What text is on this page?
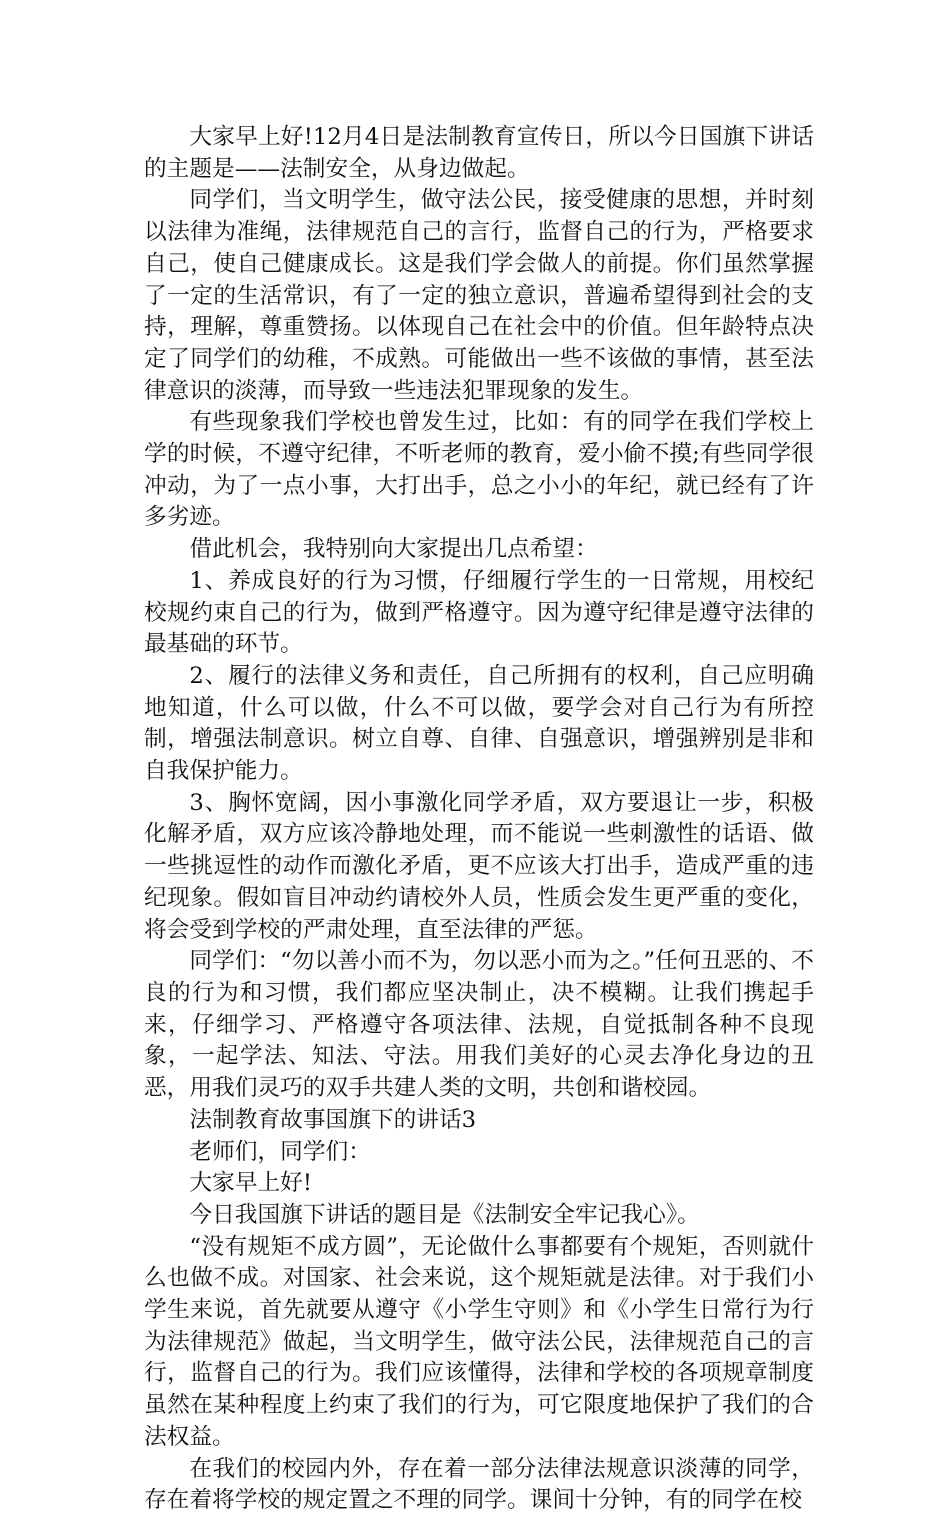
大家早上好!12月4日是法制教育宣传日，所以今日国旗下讲话的主题是——法制安全，从身边做起。

同学们，当文明学生，做守法公民，接受健康的思想，并时刻以法律为准绳，法律规范自己的言行，监督自己的行为，严格要求自己，使自己健康成长。这是我们学会做人的前提。你们虽然掌握了一定的生活常识，有了一定的独立意识，普遍希望得到社会的支持，理解，尊重赞扬。以体现自己在社会中的价值。但年龄特点决定了同学们的幼稚，不成熟。可能做出一些不该做的事情，甚至法律意识的淡薄，而导致一些违法犯罪现象的发生。

有些现象我们学校也曾发生过，比如：有的同学在我们学校上学的时候，不遵守纪律，不听老师的教育，爱小偷不摸;有些同学很冲动，为了一点小事，大打出手，总之小小的年纪，就已经有了许多劣迹。

借此机会，我特别向大家提出几点希望：

1、养成良好的行为习惯，仔细履行学生的一日常规，用校纪校规约束自己的行为，做到严格遵守。因为遵守纪律是遵守法律的最基础的环节。

2、履行的法律义务和责任，自己所拥有的权利，自己应明确地知道，什么可以做，什么不可以做，要学会对自己行为有所控制，增强法制意识。树立自尊、自律、自强意识，增强辨别是非和自我保护能力。

3、胸怀宽阔，因小事激化同学矛盾，双方要退让一步，积极化解矛盾，双方应该冷静地处理，而不能说一些刺激性的话语、做一些挑逗性的动作而激化矛盾，更不应该大打出手，造成严重的违纪现象。假如盲目冲动约请校外人员，性质会发生更严重的变化，将会受到学校的严肃处理，直至法律的严惩。

同学们：“勿以善小而不为，勿以恶小而为之。”任何丑恶的、不良的行为和习惯，我们都应坚决制止，决不模糊。让我们携起手来，仔细学习、严格遵守各项法律、法规，自觉抵制各种不良现象，一起学法、知法、守法。用我们美好的心灵去净化身边的丑恶，用我们灵巧的双手共建人类的文明，共创和谐校园。

法制教育故事国旗下的讲话3

老师们，同学们：

大家早上好!

今日我国旗下讲话的题目是《法制安全牢记我心》。

“没有规矩不成方圆”，无论做什么事都要有个规矩，否则就什么也做不成。对国家、社会来说，这个规矩就是法律。对于我们小学生来说，首先就要从遵守《小学生守则》和《小学生日常行为行为法律规范》做起，当文明学生，做守法公民，法律规范自己的言行，监督自己的行为。我们应该懂得，法律和学校的各项规章制度虽然在某种程度上约束了我们的行为，可它限度地保护了我们的合法权益。

在我们的校园内外，存在着一部分法律法规意识淡薄的同学，存在着将学校的规定置之不理的同学。课间十分钟，有的同学在校
